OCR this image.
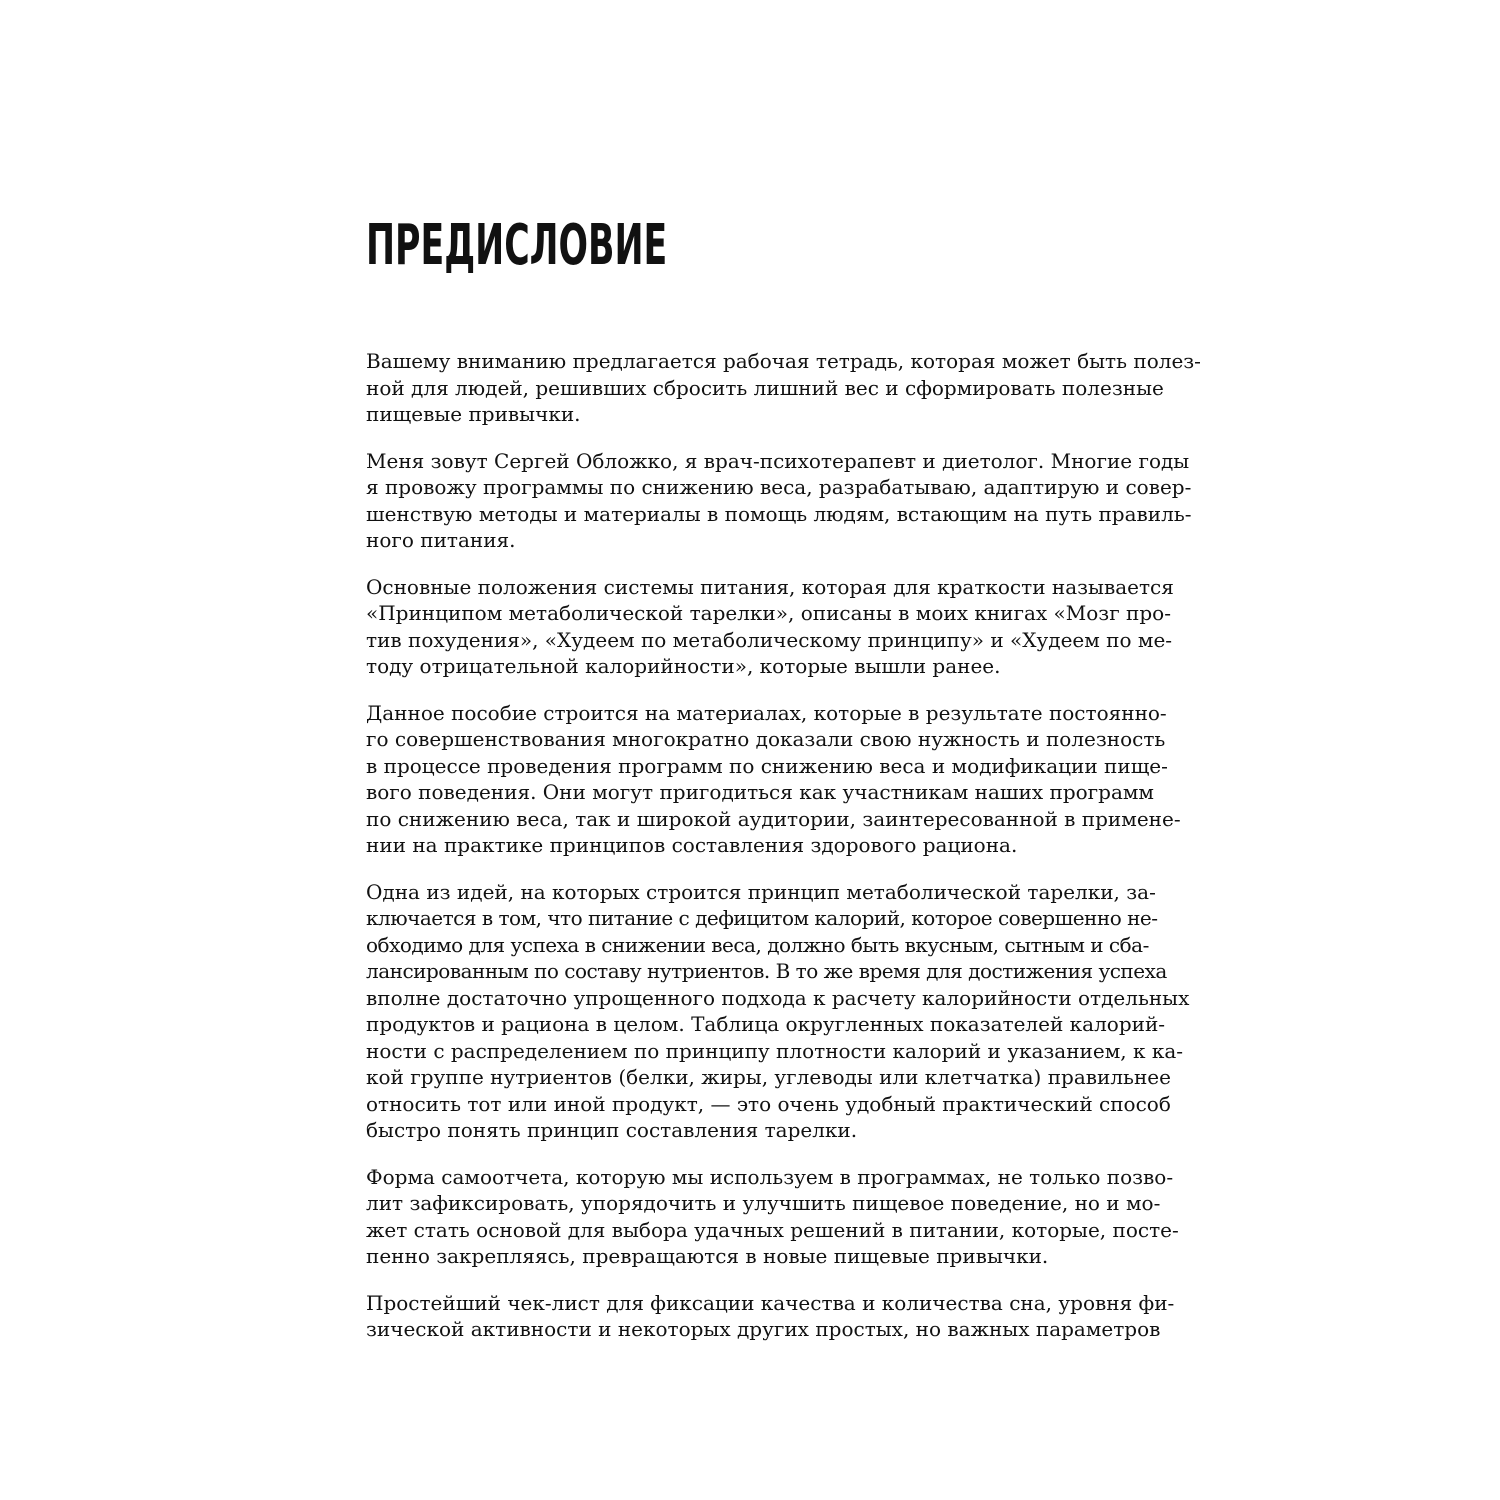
ПРЕДИСЛОВИЕ

Вашему вниманию предлагается рабочая тетрадь, которая может быть полез-
ной для людей, решивших сбросить лишний вес и сформировать полезные
пищевые привычки.

Меня зовут Сергей Обложко, я врач-психотерапевт и диетолог. Многие годы
я провожу программы по снижению веса, разрабатываю, адаптирую и совер-
шенствую методы и материалы в помощь людям, встающим на путь правиль-
ного питания.

Основные положения системы питания, которая для краткости называется
«Принципом метаболической тарелки», описаны в моих книгах «Мозг про-
тив похудения», «Худеем по метаболическому принципу» и «Худеем по ме-
тоду отрицательной калорийности», которые вышли ранее.

Данное пособие строится на материалах, которые в результате постоянно-
го совершенствования многократно доказали свою нужность и полезность
в процессе проведения программ по снижению веса и модификации пище-
вого поведения. Они могут пригодиться как участникам наших программ
по снижению веса, так и широкой аудитории, заинтересованной в примене-
нии на практике принципов составления здорового рациона.

Одна из идей, на которых строится принцип метаболической тарелки, за-
ключается в том, что питание с дефицитом калорий, которое совершенно не-
обходимо для успеха в снижении веса, должно быть вкусным, сытным и сба-
лансированным по составу нутриентов. В то же время для достижения успеха
вполне достаточно упрощенного подхода к расчету калорийности отдельных
продуктов и рациона в целом. Таблица округленных показателей калорий-
ности с распределением по принципу плотности калорий и указанием, к ка-
кой группе нутриентов (белки, жиры, углеводы или клетчатка) правильнее
относить тот или иной продукт, — это очень удобный практический способ
быстро понять принцип составления тарелки.

Форма самоотчета, которую мы используем в программах, не только позво-
лит зафиксировать, упорядочить и улучшить пищевое поведение, но и мо-
жет стать основой для выбора удачных решений в питании, которые, посте-
пенно закрепляясь, превращаются в новые пищевые привычки.

Простейший чек-лист для фиксации качества и количества сна, уровня фи-
зической активности и некоторых других простых, но важных параметров
